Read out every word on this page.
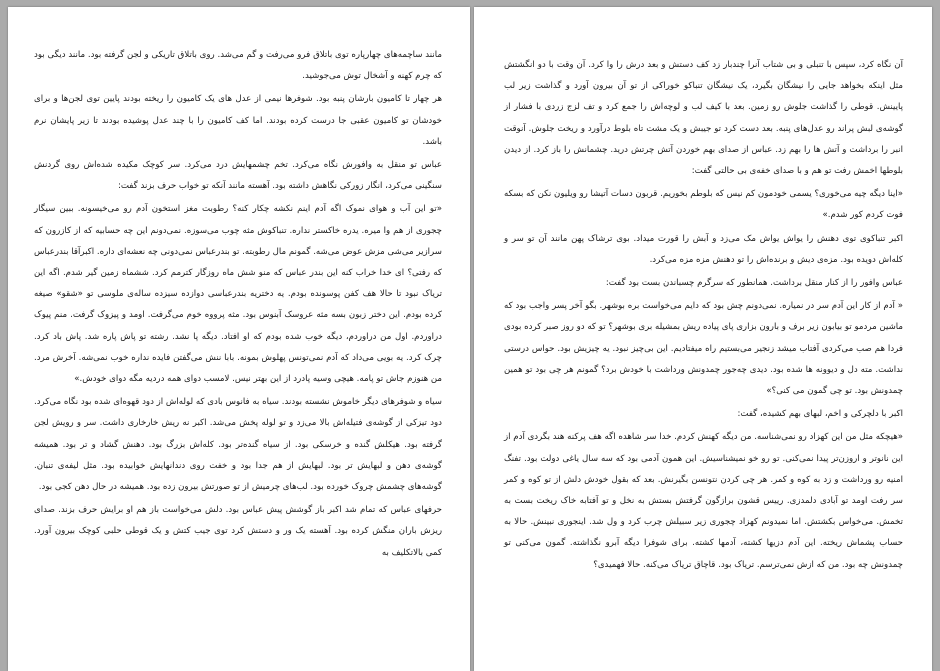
مانند ساچمه‌های چهارپاره توی باتلاق فرو می‌رفت و گم می‌شد. روی باتلاق تاریکی و لجن گرفته بود. مانند دیگی بود که چرم کهنه و آشخال توش می‌جوشید.

هر چهار تا کامیون بارشان پنبه بود. شوفرها نیمی از عدل های یک کامیون را ریخته بودند پایین توی لجن‌ها و برای خودشان تو کامیون عقبی جا درست کرده بودند. اما کف کامیون را با چند عدل پوشیده بودند تا زیر پایشان نرم باشد.

عباس تو منقل به وافورش نگاه می‌کرد. تخم چشمهایش درد می‌کرد. سر کوچک مکیده شده‌اش روی گردنش سنگینی می‌کرد، انگار زورکی نگاهش داشته بود. آهسته مانند آنکه تو خواب حرف بزند گفت:

«تو این آب و هوای نموک اگه آدم اینم نکشه چکار کنه؟ رطوبت مغز استخون آدم رو می‌خیسونه. ببین سیگار چجوری از هم وا میره. یدره خاکستر نداره. تنباکوش مثه چوب می‌سوزه. نمی‌دونم این چه حسابیه که از کازرون که سرازیر می‌شی مزش عوض می‌شه. گمونم مال رطوبته. تو بندرعباس نمی‌دونی چه نعشه‌ای داره. اکبرآقا بندرعباس که رفتی؟ ای خدا خراب کنه این بندر عباس که منو شش ماه روزگار کترمم کرد. ششماه زمین گیر شدم. اگه این تریاک نبود تا حالا هف کفن پوسونده بودم. یه دختریه بندرعباسی دوازده سیزده ساله‌ی ملوسی تو «شقو» صیغه کرده بودم. این دختر زبون بسه مثه عروسک آبنوس بود. مثه پرووه خوم می‌گرفت. اومد و پیزوک گرفت. منم پیوک دراوردم. اول من دراوردم، دیگه خوب شده بودم که او افتاد. دیگه پا نشد. رشته تو پاش پاره شد. پاش باد کرد. چرک کرد. یه بویی می‌داد که آدم نمی‌تونس پهلوش بمونه. بابا ننش می‌گفتن فایده نداره خوب نمی‌شه. آخرش مرد. من هنوزم جاش تو پامه. هیچی وسیه پادرد از این بهتر نیس. لامسب دوای همه دردیه مگه دوای خودش.»

سیاه و شوفرهای دیگر خاموش نشسته بودند. سیاه به فانوس بادی که لوله‌اش از دود قهوه‌ای شده بود نگاه می‌کرد. دود تیزکی از گوشه‌ی فتیله‌اش بالا می‌زد و تو لوله پخش می‌شد. اکبر نه ریش خارخاری داشت. سر و رویش لجن گرفته بود. هیکلش گنده و خرسکی بود. از سیاه گنده‌تر بود. کله‌اش بزرگ بود. دهنش گشاد و تر بود. همیشه گوشه‌ی دهن و لبهایش تر بود. لبهایش از هم جدا بود و خفت روی دندانهایش خوابیده بود. مثل لیفه‌ی تنبان. گوشه‌های چشمش چروک خورده بود. لب‌های چرمیش از تو صورتش بیرون زده بود. همیشه در حال دهن کجی بود.

حرفهای عباس که تمام شد اکبر باز گوشش پیش عباس بود. دلش می‌خواست باز هم او برایش حرف بزند. صدای ریزش باران منگش کرده بود. آهسته یک ور و دستش کرد توی جیب کتش و یک قوطی حلبی کوچک بیرون آورد. کمی بالاتکلیف به

آن نگاه کرد، سپس با تنبلی و بی شتاب آنرا چندبار زد کف دستش و بعد درش را وا کرد. آن وقت با دو انگشتش مثل اینکه بخواهد جایی را نیشگان بگیرد، یک نیشگان تنباکو خوراکی از تو آن بیرون آورد و گذاشت زیر لب پایینش. قوطی را گذاشت جلوش رو زمین. بعد با کیف لب و لوچه‌اش را جمع کرد و تف لزج زردی با فشار از گوشه‌ی لبش پراند رو عدل‌های پنبه. بعد دست کرد تو جیبش و یک مشت تاه بلوط درآورد و ریخت جلوش. آنوقت انبر را برداشت و آتش ها را بهم زد. عباس از صدای بهم خوردن آتش چرتش درید. چشمانش را باز کرد. از دیدن بلوطها اخمش رفت تو هم و با صدای خفه‌ی بی حالتی گفت:

«اینا دیگه چیه می‌خوری؟ یسمی خودمون کم نیس که بلوطم بخوریم. قربون دسات آتیشا رو ویلیون نکن که بسکه فوت کردم کور شدم.»

اکبر تنباکوی توی دهنش را یواش یواش مک می‌زد و آبش را قورت میداد. بوی ترشاک پهن مانند آن تو سر و کله‌اش دویده بود. مزه‌ی دیش و برنده‌اش را تو دهنش مزه مزه می‌کرد.

عباس وافور را از کنار منقل برداشت. همانطور که سرگرم چسباندن بست بود گفت:

« آدم از کار این آدم سر در نمیاره. نمی‌دونم چش بود که دایم می‌خواست بره بوشهر. بگو آخر پسر واجب بود که ماشین مردمو تو بیابون زیر برف و بارون بزاری پای پیاده ریش بمشیله بری بوشهر؟ تو که دو روز صبر کرده بودی فردا هم صب می‌کردی آفتاب میشد زنجیر می‌بستیم راه میفتادیم. این بی‌چیز نبود. یه چیزیش بود. حواس درستی نداشت. مته دل و دیوونه ها شده بود. دیدی چه‌جور چمدونش ورداشت با خودش برد؟ گمونم هر چی بود تو همین چمدونش بود. تو چی گمون می کنی؟»

اکبر با دلچرکی و اخم، لبهای بهم کشیده، گفت:

«هیچکه مثل من این کهزاد رو نمی‌شناسه. من دیگه کهنش کردم. خدا سر شاهده اگه هف پرکنه هند بگردی آدم از این نانوتر و اروزن‌تر پیدا نمی‌کنی. تو رو خو نمیشناسیش. این همون آدمی بود که سه سال یاغی دولت بود. تفنگ امنیه رو ورداشت و زد به کوه و کمر. هر چی کردن نتونسن بگیرنش. بعد که بقول خودش دلش از تو کوه و کمر سر رفت اومد تو آبادی دلمدزی. رییس قشون برازگون گرفتش بستش به نخل و تو آفتابه خاک ریخت بست به تخمش. می‌خواس بکشتش. اما نمیدونم کهزاد چجوری زیر سبیلش چرب کرد و ول شد. اینجوری نبینش. حالا به حساب پشماش ریخته. این آدم دزیها کشته، آدمها کشته. برای شوفرا دیگه آبرو نگذاشته. گمون می‌کنی تو چمدونش چه بود. من که ازش نمی‌ترسم. تریاک بود. قاچاق تریاک می‌کنه. حالا فهمیدی؟
